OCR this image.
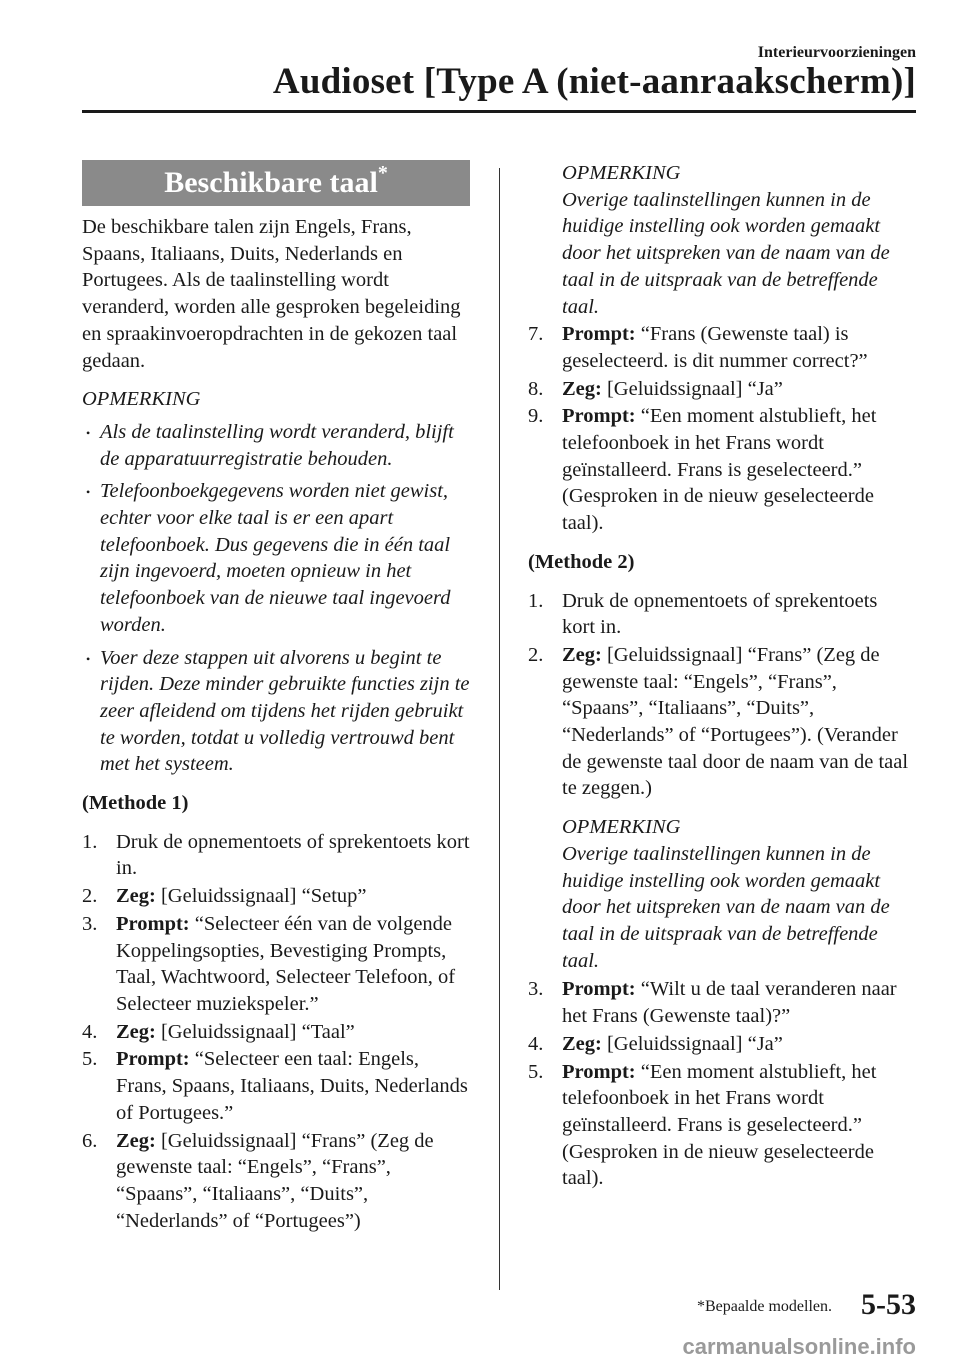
Interieurvoorzieningen
Audioset [Type A (niet-aanraakscherm)]
Beschikbare taal*

De beschikbare talen zijn Engels, Frans, Spaans, Italiaans, Duits, Nederlands en Portugees. Als de taalinstelling wordt veranderd, worden alle gesproken begeleiding en spraakinvoeropdrachten in de gekozen taal gedaan.

OPMERKING

• Als de taalinstelling wordt veranderd, blijft de apparatuurregistratie behouden.
• Telefoonboekgegevens worden niet gewist, echter voor elke taal is er een apart telefoonboek. Dus gegevens die in één taal zijn ingevoerd, moeten opnieuw in het telefoonboek van de nieuwe taal ingevoerd worden.
• Voer deze stappen uit alvorens u begint te rijden. Deze minder gebruikte functies zijn te zeer afleidend om tijdens het rijden gebruikt te worden, totdat u volledig vertrouwd bent met het systeem.

(Methode 1)

1. Druk de opnementoets of sprekentoets kort in.
2. Zeg: [Geluidssignaal] “Setup”
3. Prompt: “Selecteer één van de volgende Koppelingsopties, Bevestiging Prompts, Taal, Wachtwoord, Selecteer Telefoon, of Selecteer muziekspeler.”
4. Zeg: [Geluidssignaal] “Taal”
5. Prompt: “Selecteer een taal: Engels, Frans, Spaans, Italiaans, Duits, Nederlands of Portugees.”
6. Zeg: [Geluidssignaal] “Frans” (Zeg de gewenste taal: “Engels”, “Frans”, “Spaans”, “Italiaans”, “Duits”, “Nederlands” of “Portugees”)

OPMERKING

Overige taalinstellingen kunnen in de huidige instelling ook worden gemaakt door het uitspreken van de naam van de taal in de uitspraak van de betreffende taal.

7. Prompt: “Frans (Gewenste taal) is geselecteerd. is dit nummer correct?”
8. Zeg: [Geluidssignaal] “Ja”
9. Prompt: “Een moment alstublieft, het telefoonboek in het Frans wordt geïnstalleerd. Frans is geselecteerd.” (Gesproken in de nieuw geselecteerde taal).

(Methode 2)

1. Druk de opnementoets of sprekentoets kort in.
2. Zeg: [Geluidssignaal] “Frans” (Zeg de gewenste taal: “Engels”, “Frans”, “Spaans”, “Italiaans”, “Duits”, “Nederlands” of “Portugees”). (Verander de gewenste taal door de naam van de taal te zeggen.)

OPMERKING

Overige taalinstellingen kunnen in de huidige instelling ook worden gemaakt door het uitspreken van de naam van de taal in de uitspraak van de betreffende taal.

3. Prompt: “Wilt u de taal veranderen naar het Frans (Gewenste taal)?”
4. Zeg: [Geluidssignaal] “Ja”
5. Prompt: “Een moment alstublieft, het telefoonboek in het Frans wordt geïnstalleerd. Frans is geselecteerd.” (Gesproken in de nieuw geselecteerde taal).
*Bepaalde modellen. 5-53
carmanualsonline.info
